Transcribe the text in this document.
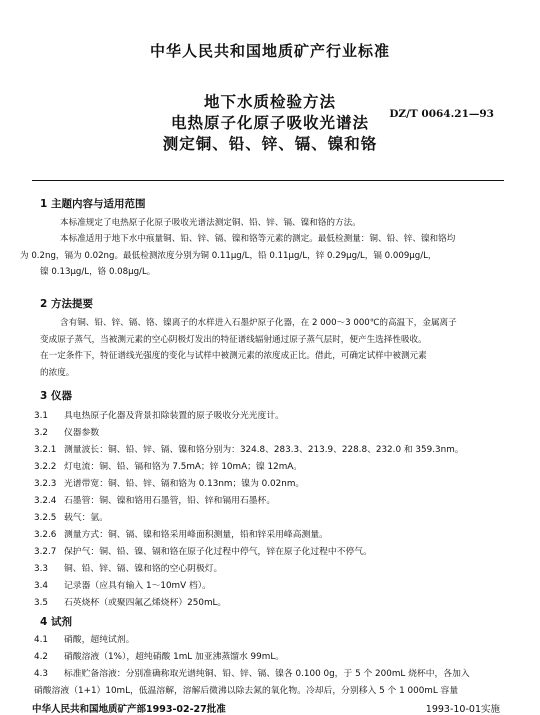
中华人民共和国地质矿产行业标准
地下水质检验方法
电热原子化原子吸收光谱法
测定铜、铅、锌、镉、镍和铬
DZ/T 0064.21—93
1 主题内容与适用范围
本标准规定了电热原子化原子吸收光谱法测定铜、铅、锌、镉、镍和铬的方法。
本标准适用于地下水中痕量铜、铅、锌、镉、镍和铬等元素的测定。最低检测量：铜、铅、锌、镍和铬均
为 0.2ng，镉为 0.02ng。最低检测浓度分别为铜 0.11μg/L，铅 0.11μg/L，锌 0.29μg/L，镉 0.009μg/L，
镍 0.13μg/L，铬 0.08μg/L。
2 方法提要
含有铜、铅、锌、镉、铬、镍离子的水样进入石墨炉原子化器，在 2 000～3 000℃的高温下，金属离子
变成原子蒸气，当被测元素的空心阴极灯发出的特征谱线辐射通过原子蒸气层时，便产生选择性吸收。
在一定条件下，特征谱线光强度的变化与试样中被测元素的浓度成正比。借此，可确定试样中被测元素
的浓度。
3 仪器
3.1 具电热原子化器及背景扣除装置的原子吸收分光光度计。
3.2 仪器参数
3.2.1 测量波长：铜、铅、锌、镉、镍和铬分别为：324.8、283.3、213.9、228.8、232.0 和 359.3nm。
3.2.2 灯电流：铜、铅、镉和铬为 7.5mA；锌 10mA；镍 12mA。
3.2.3 光谱带宽：铜、铅、锌、镉和铬为 0.13nm；镍为 0.02nm。
3.2.4 石墨管：铜、镍和铬用石墨管，铅、锌和镉用石墨杯。
3.2.5 载气：氩。
3.2.6 测量方式：铜、镉、镍和铬采用峰面积测量，铅和锌采用峰高测量。
3.2.7 保护气：铜、铅、镍、镉和铬在原子化过程中停气，锌在原子化过程中不停气。
3.3 铜、铅、锌、镉、镍和铬的空心阴极灯。
3.4 记录器（应具有输入 1～10mV 档）。
3.5 石英烧杯（或聚四氟乙烯烧杯）250mL。
4 试剂
4.1 硝酸，超纯试剂。
4.2 硝酸溶液（1%），超纯硝酸 1mL 加亚沸蒸馏水 99mL。
4.3 标准贮备溶液：分别准确称取光谱纯铜、铅、锌、镉、镍各 0.100 0g，于 5 个 200mL 烧杯中，各加入
硝酸溶液（1+1）10mL，低温溶解，溶解后微沸以除去氮的氧化物。冷却后，分别移入 5 个 1 000mL 容量
中华人民共和国地质矿产部1993-02-27批准	1993-10-01实施
